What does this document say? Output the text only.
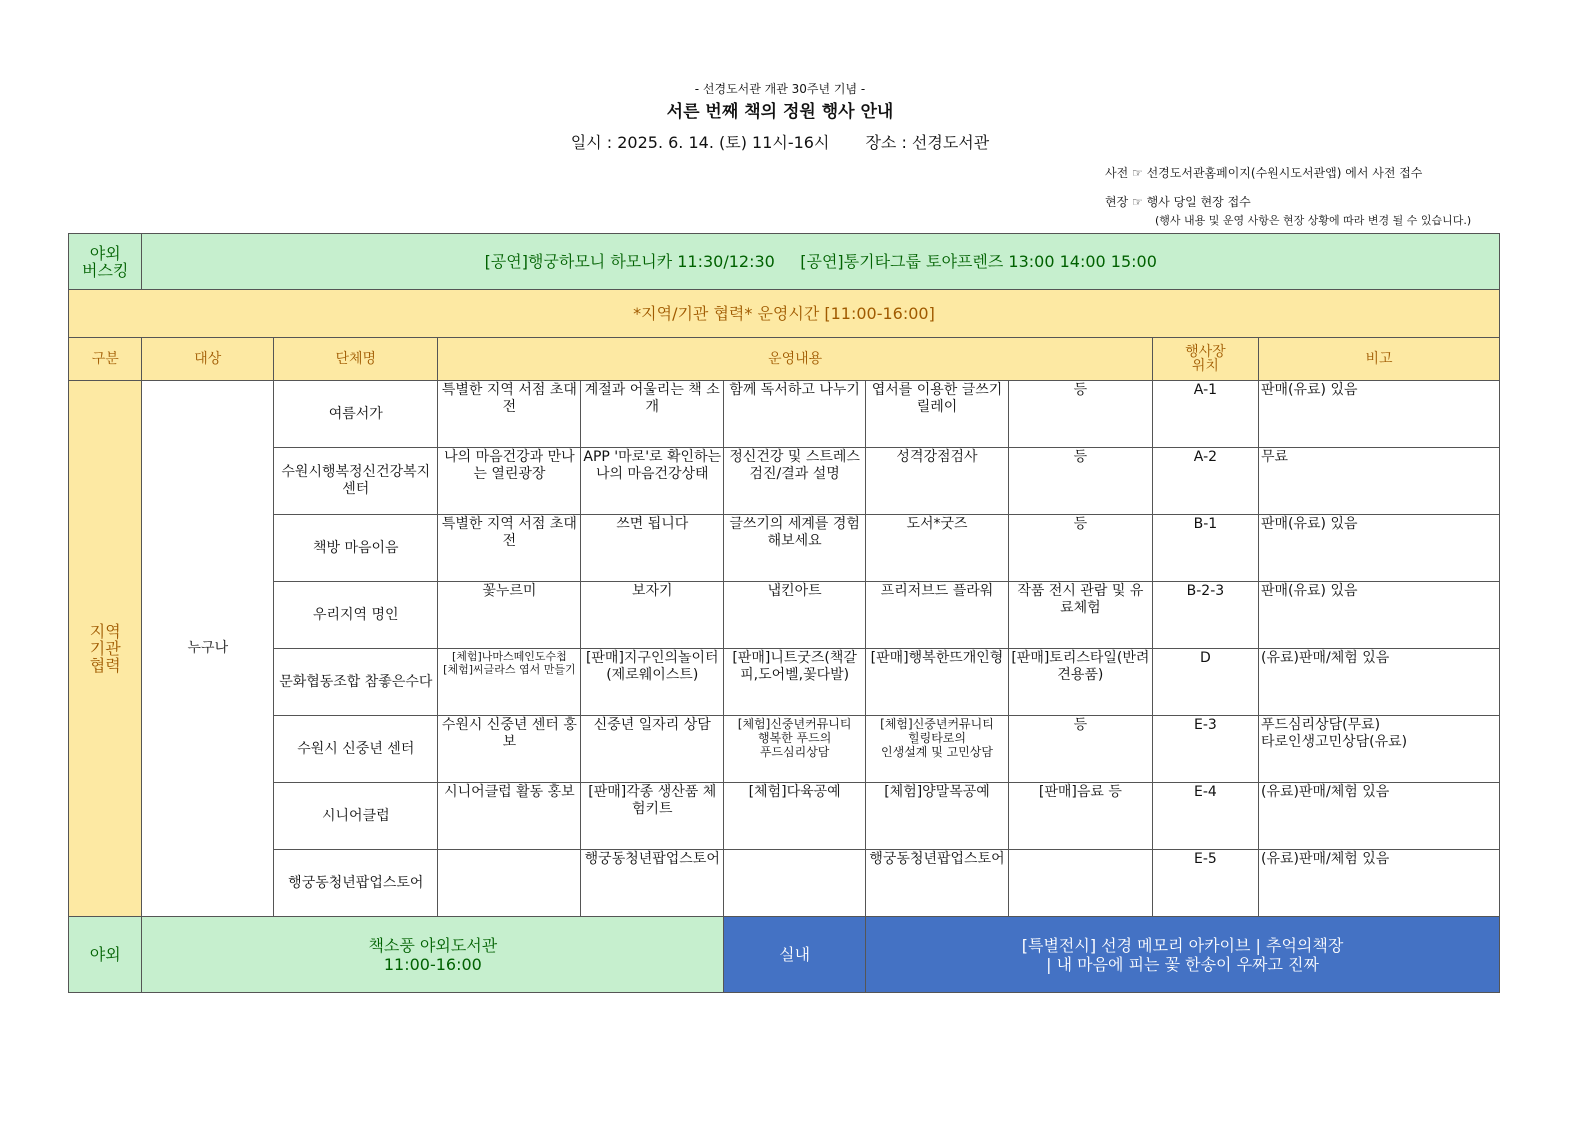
- 선경도서관 개관 30주년 기념 -
서른 번째 책의 정원 행사 안내
일시 : 2025. 6. 14. (토) 11시-16시 장소 : 선경도서관
사전 ☞ 선경도서관홈페이지(수원시도서관앱) 에서 사전 접수
현장 ☞ 행사 당일 현장 접수
(행사 내용 및 운영 사항은 현장 상황에 따라 변경 될 수 있습니다.)
야외
버스킹	[공연]행궁하모니 하모니카 11:30/12:30     [공연]통기타그룹 토야프렌즈 13:00 14:00 15:00								
*지역/기관 협력* 운영시간 [11:00-16:00]									
구분	대상	단체명	운영내용					행사장
위치	비고
지역
기관
협력	누구나	여름서가	특별한 지역 서점 초대전	계절과 어울리는 책 소개	함께 독서하고 나누기	엽서를 이용한 글쓰기 릴레이	등	A-1	판매(유료) 있음
		수원시행복정신건강복지센터	나의 마음건강과 만나는 열린광장	APP '마로'로 확인하는 나의 마음건강상태	정신건강 및 스트레스 검진/결과 설명	성격강점검사	등	A-2	무료
		책방 마음이음	특별한 지역 서점 초대전	쓰면 됩니다	글쓰기의 세계를 경험해보세요	도서*굿즈	등	B-1	판매(유료) 있음
		우리지역 명인	꽃누르미	보자기	냅킨아트	프리저브드 플라워	작품 전시 관람 및 유료체험	B-2-3	판매(유료) 있음
		문화협동조합 참좋은수다	[체험]나마스떼인도수첩
[체험]씨글라스 엽서 만들기	[판매]지구인의놀이터(제로웨이스트)	[판매]니트굿즈(책갈피,도어벨,꽃다발)	[판매]행복한뜨개인형	[판매]토리스타일(반려견용품)	D	(유료)판매/체험 있음
		수원시 신중년 센터	수원시 신중년 센터 홍보	신중년 일자리 상담	[체험]신중년커뮤니티
행복한 푸드의
푸드심리상담	[체험]신중년커뮤니티
힐링타로의
인생설계 및 고민상담	등	E-3	푸드심리상담(무료)
타로인생고민상담(유료)
		시니어클럽	시니어클럽 활동 홍보	[판매]각종 생산품 체험키트	[체험]다육공예	[체험]양말목공예	[판매]음료 등	E-4	(유료)판매/체험 있음
		행궁동청년팝업스토어		행궁동청년팝업스토어		행궁동청년팝업스토어		E-5	(유료)판매/체험 있음
야외	책소풍 야외도서관
11:00-16:00				실내	[특별전시] 선경 메모리 아카이브 | 추억의책장
| 내 마음에 피는 꽃 한송이 우짜고 진짜			
